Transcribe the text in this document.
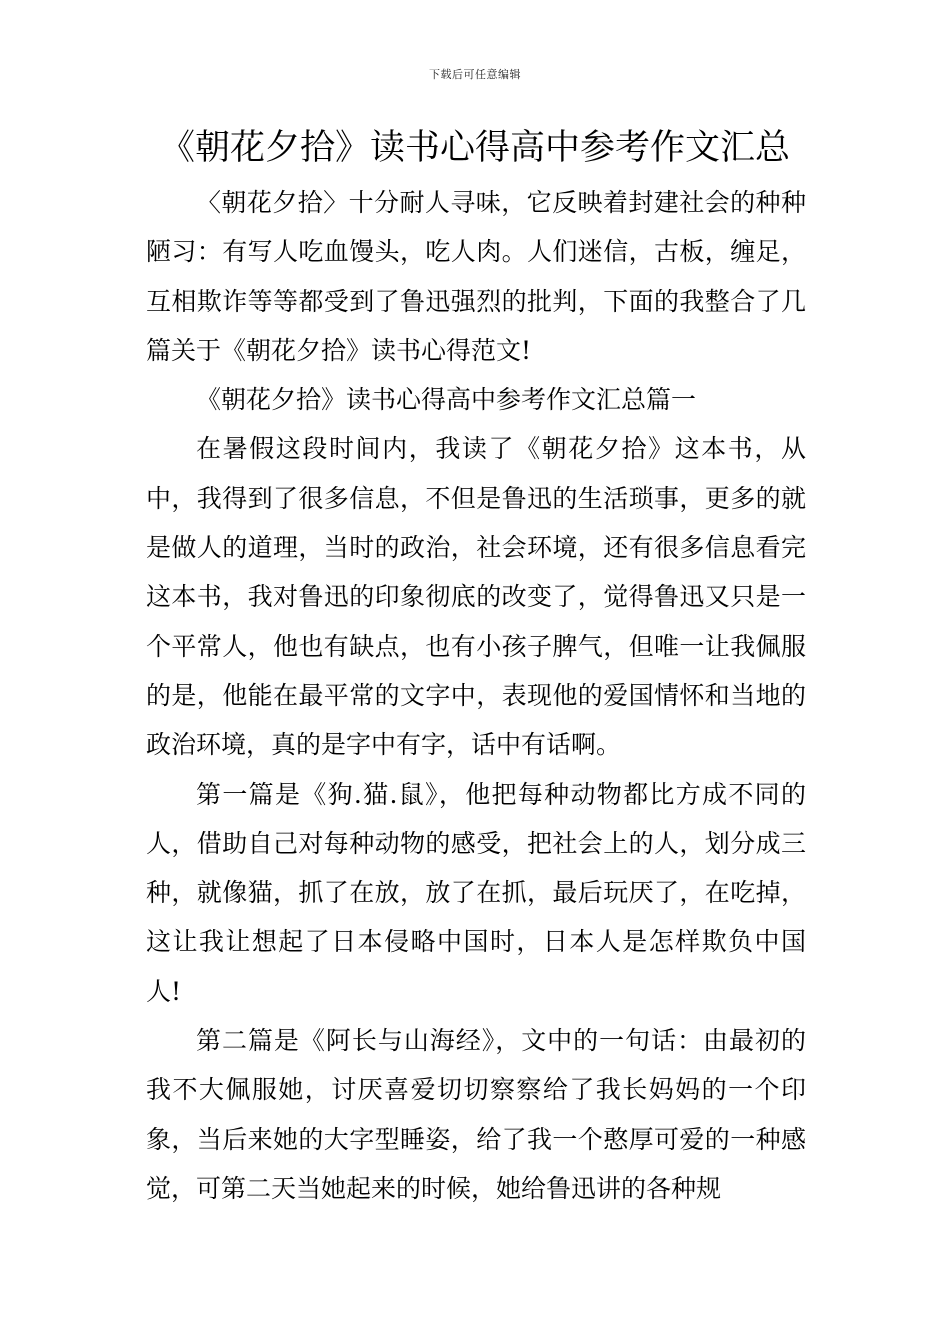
下载后可任意编辑
《朝花夕拾》读书心得高中参考作文汇总

〈朝花夕拾〉十分耐人寻味，它反映着封建社会的种种陋习：有写人吃血馒头，吃人肉。人们迷信，古板，缠足，互相欺诈等等都受到了鲁迅强烈的批判，下面的我整合了几篇关于《朝花夕拾》读书心得范文!

《朝花夕拾》读书心得高中参考作文汇总篇一

在暑假这段时间内，我读了《朝花夕拾》这本书，从中，我得到了很多信息，不但是鲁迅的生活琐事，更多的就是做人的道理，当时的政治，社会环境，还有很多信息看完这本书，我对鲁迅的印象彻底的改变了，觉得鲁迅又只是一个平常人，他也有缺点，也有小孩子脾气，但唯一让我佩服的是，他能在最平常的文字中，表现他的爱国情怀和当地的政治环境，真的是字中有字，话中有话啊。

第一篇是《狗.猫.鼠》，他把每种动物都比方成不同的人，借助自己对每种动物的感受，把社会上的人，划分成三种，就像猫，抓了在放，放了在抓，最后玩厌了，在吃掉，这让我让想起了日本侵略中国时，日本人是怎样欺负中国人!

第二篇是《阿长与山海经》，文中的一句话：由最初的我不大佩服她，讨厌喜爱切切察察给了我长妈妈的一个印象，当后来她的大字型睡姿，给了我一个憨厚可爱的一种感觉，可第二天当她起来的时候，她给鲁迅讲的各种规
